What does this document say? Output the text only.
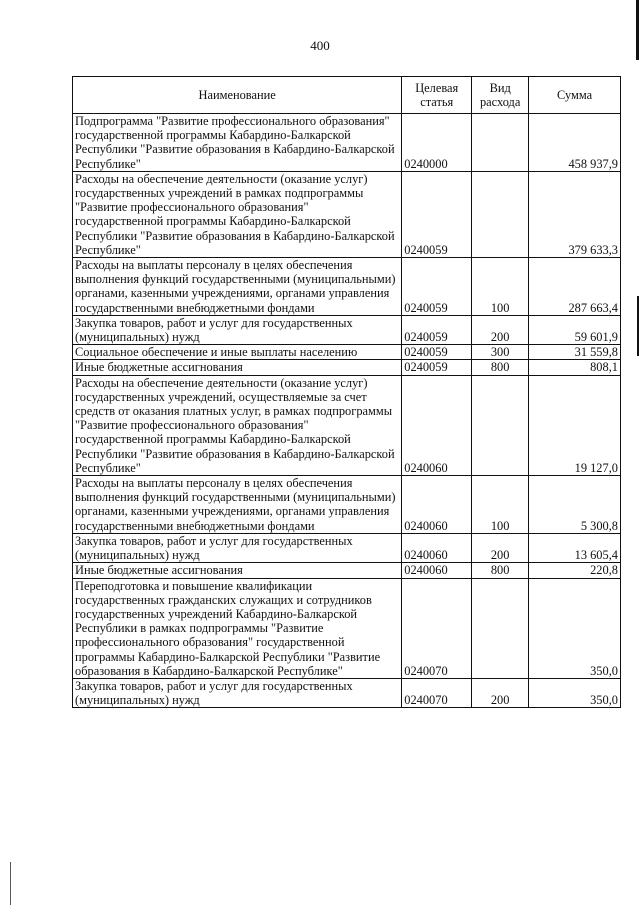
400
Наименование	Целевая статья	Вид расхода	Сумма
Подпрограмма "Развитие профессионального образования" государственной программы Кабардино-Балкарской Республики "Развитие образования в Кабардино-Балкарской Республике"	0240000		458 937,9
Расходы на обеспечение деятельности (оказание услуг) государственных учреждений в рамках подпрограммы "Развитие профессионального образования" государственной программы Кабардино-Балкарской Республики "Развитие образования в Кабардино-Балкарской Республике"	0240059		379 633,3
Расходы на выплаты персоналу в целях обеспечения выполнения функций государственными (муниципальными) органами, казенными учреждениями, органами управления государственными внебюджетными фондами	0240059	100	287 663,4
Закупка товаров, работ и услуг для государственных (муниципальных) нужд	0240059	200	59 601,9
Социальное обеспечение и иные выплаты населению	0240059	300	31 559,8
Иные бюджетные ассигнования	0240059	800	808,1
Расходы на обеспечение деятельности (оказание услуг) государственных учреждений, осуществляемые за счет средств от оказания платных услуг, в рамках подпрограммы "Развитие профессионального образования" государственной программы Кабардино-Балкарской Республики "Развитие образования в Кабардино-Балкарской Республике"	0240060		19 127,0
Расходы на выплаты персоналу в целях обеспечения выполнения функций государственными (муниципальными) органами, казенными учреждениями, органами управления государственными внебюджетными фондами	0240060	100	5 300,8
Закупка товаров, работ и услуг для государственных (муниципальных) нужд	0240060	200	13 605,4
Иные бюджетные ассигнования	0240060	800	220,8
Переподготовка и повышение квалификации государственных гражданских служащих и сотрудников государственных учреждений Кабардино-Балкарской Республики в рамках подпрограммы "Развитие профессионального образования" государственной программы Кабардино-Балкарской Республики "Развитие образования в Кабардино-Балкарской Республике"	0240070		350,0
Закупка товаров, работ и услуг для государственных (муниципальных) нужд	0240070	200	350,0
